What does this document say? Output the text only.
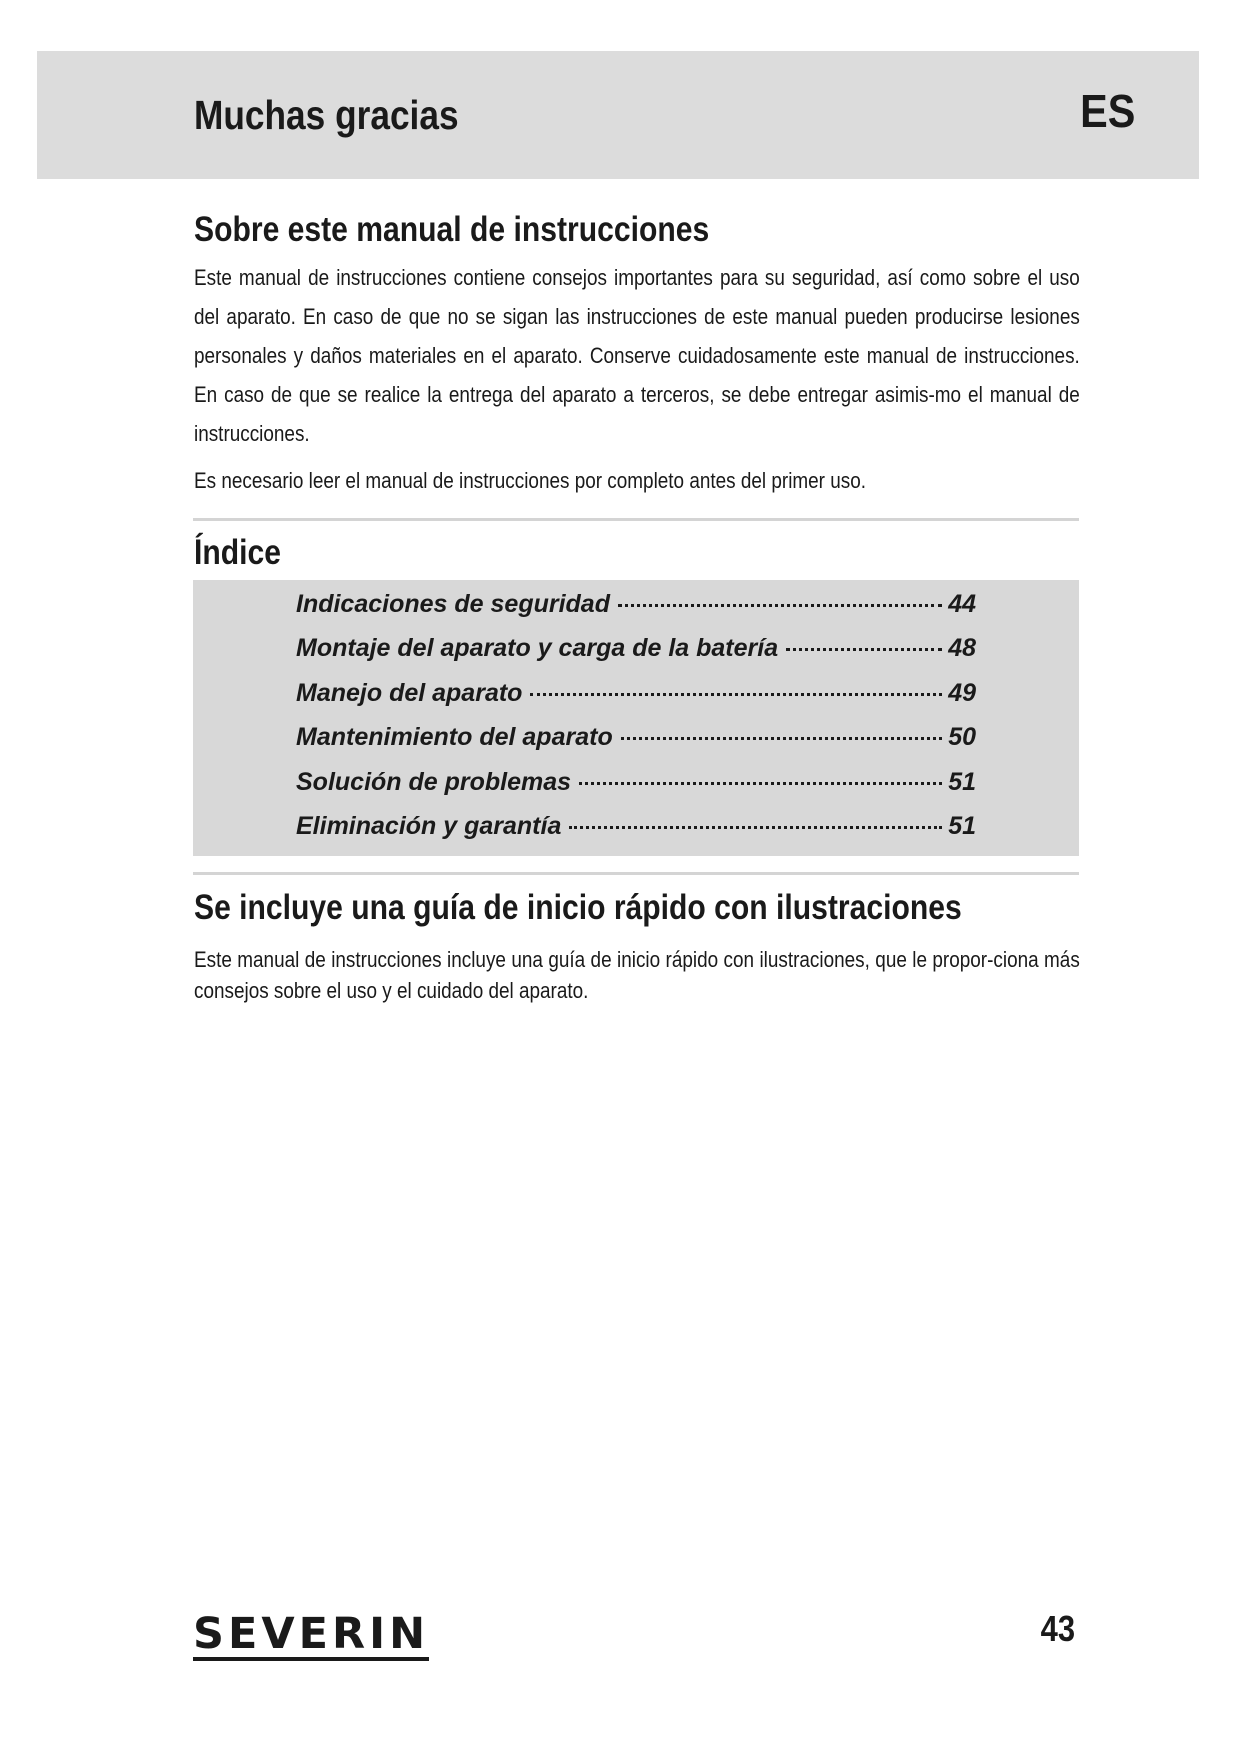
Muchas gracias	ES
Sobre este manual de instrucciones
Este manual de instrucciones contiene consejos importantes para su seguridad, así como sobre el uso del aparato. En caso de que no se sigan las instrucciones de este manual pueden producirse lesiones personales y daños materiales en el aparato. Conserve cuidadosamente este manual de instrucciones. En caso de que se realice la entrega del aparato a terceros, se debe entregar asimis-mo el manual de instrucciones.
Es necesario leer el manual de instrucciones por completo antes del primer uso.
Índice
Indicaciones de seguridad	44
Montaje del aparato y carga de la batería	48
Manejo del aparato	49
Mantenimiento del aparato	50
Solución de problemas	51
Eliminación y garantía	51
Se incluye una guía de inicio rápido con ilustraciones
Este manual de instrucciones incluye una guía de inicio rápido con ilustraciones, que le propor-ciona más consejos sobre el uso y el cuidado del aparato.
SEVERIN	43
